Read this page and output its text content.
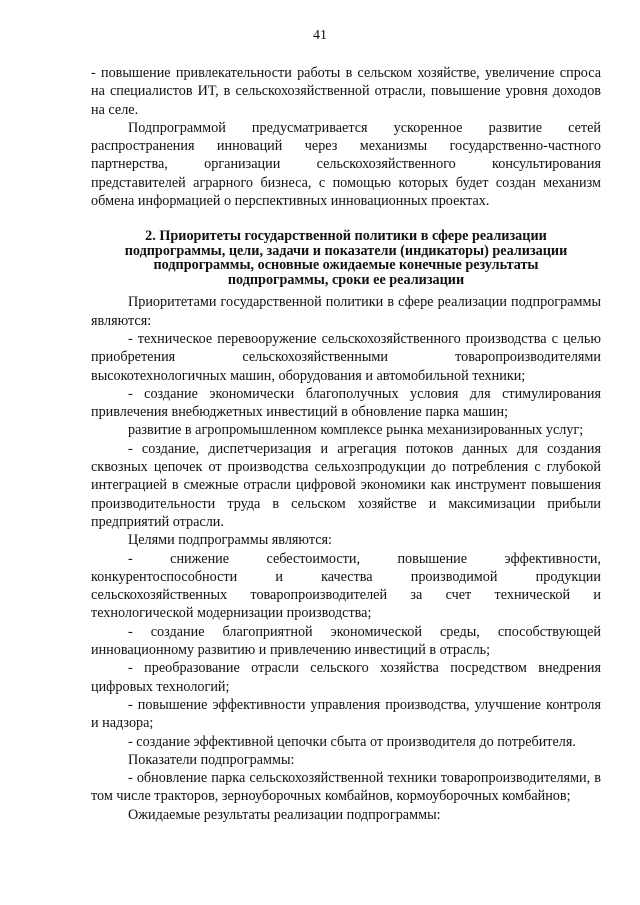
41

- повышение привлекательности работы в сельском хозяйстве, увеличение спроса на специалистов ИТ, в сельскохозяйственной отрасли, повышение уровня доходов на селе.

Подпрограммой предусматривается ускоренное развитие сетей распространения инноваций через механизмы государственно-частного партнерства, организации сельскохозяйственного консультирования представителей аграрного бизнеса, с помощью которых будет создан механизм обмена информацией о перспективных инновационных проектах.

2. Приоритеты государственной политики в сфере реализации
подпрограммы, цели, задачи и показатели (индикаторы) реализации
подпрограммы, основные ожидаемые конечные результаты
подпрограммы, сроки ее реализации

Приоритетами государственной политики в сфере реализации подпрограммы являются:

- техническое перевооружение сельскохозяйственного производства с целью приобретения сельскохозяйственными товаропроизводителями высокотехнологичных машин, оборудования и автомобильной техники;

- создание экономически благополучных условия для стимулирования привлечения внебюджетных инвестиций в обновление парка машин;

развитие в агропромышленном комплексе рынка механизированных услуг;

- создание, диспетчеризация и агрегация потоков данных для создания сквозных цепочек от производства сельхозпродукции до потребления с глубокой интеграцией в смежные отрасли цифровой экономики как инструмент повышения производительности труда в сельском хозяйстве и максимизации прибыли предприятий отрасли.

Целями подпрограммы являются:

- снижение себестоимости, повышение эффективности, конкурентоспособности и качества производимой продукции сельскохозяйственных товаропроизводителей за счет технической и технологической модернизации производства;

- создание благоприятной экономической среды, способствующей инновационному развитию и привлечению инвестиций в отрасль;

- преобразование отрасли сельского хозяйства посредством внедрения цифровых технологий;

- повышение эффективности управления производства, улучшение контроля и надзора;

- создание эффективной цепочки сбыта от производителя до потребителя.

Показатели подпрограммы:

- обновление парка сельскохозяйственной техники товаропроизводителями, в том числе тракторов, зерноуборочных комбайнов, кормоуборочных комбайнов;

Ожидаемые результаты реализации подпрограммы:
